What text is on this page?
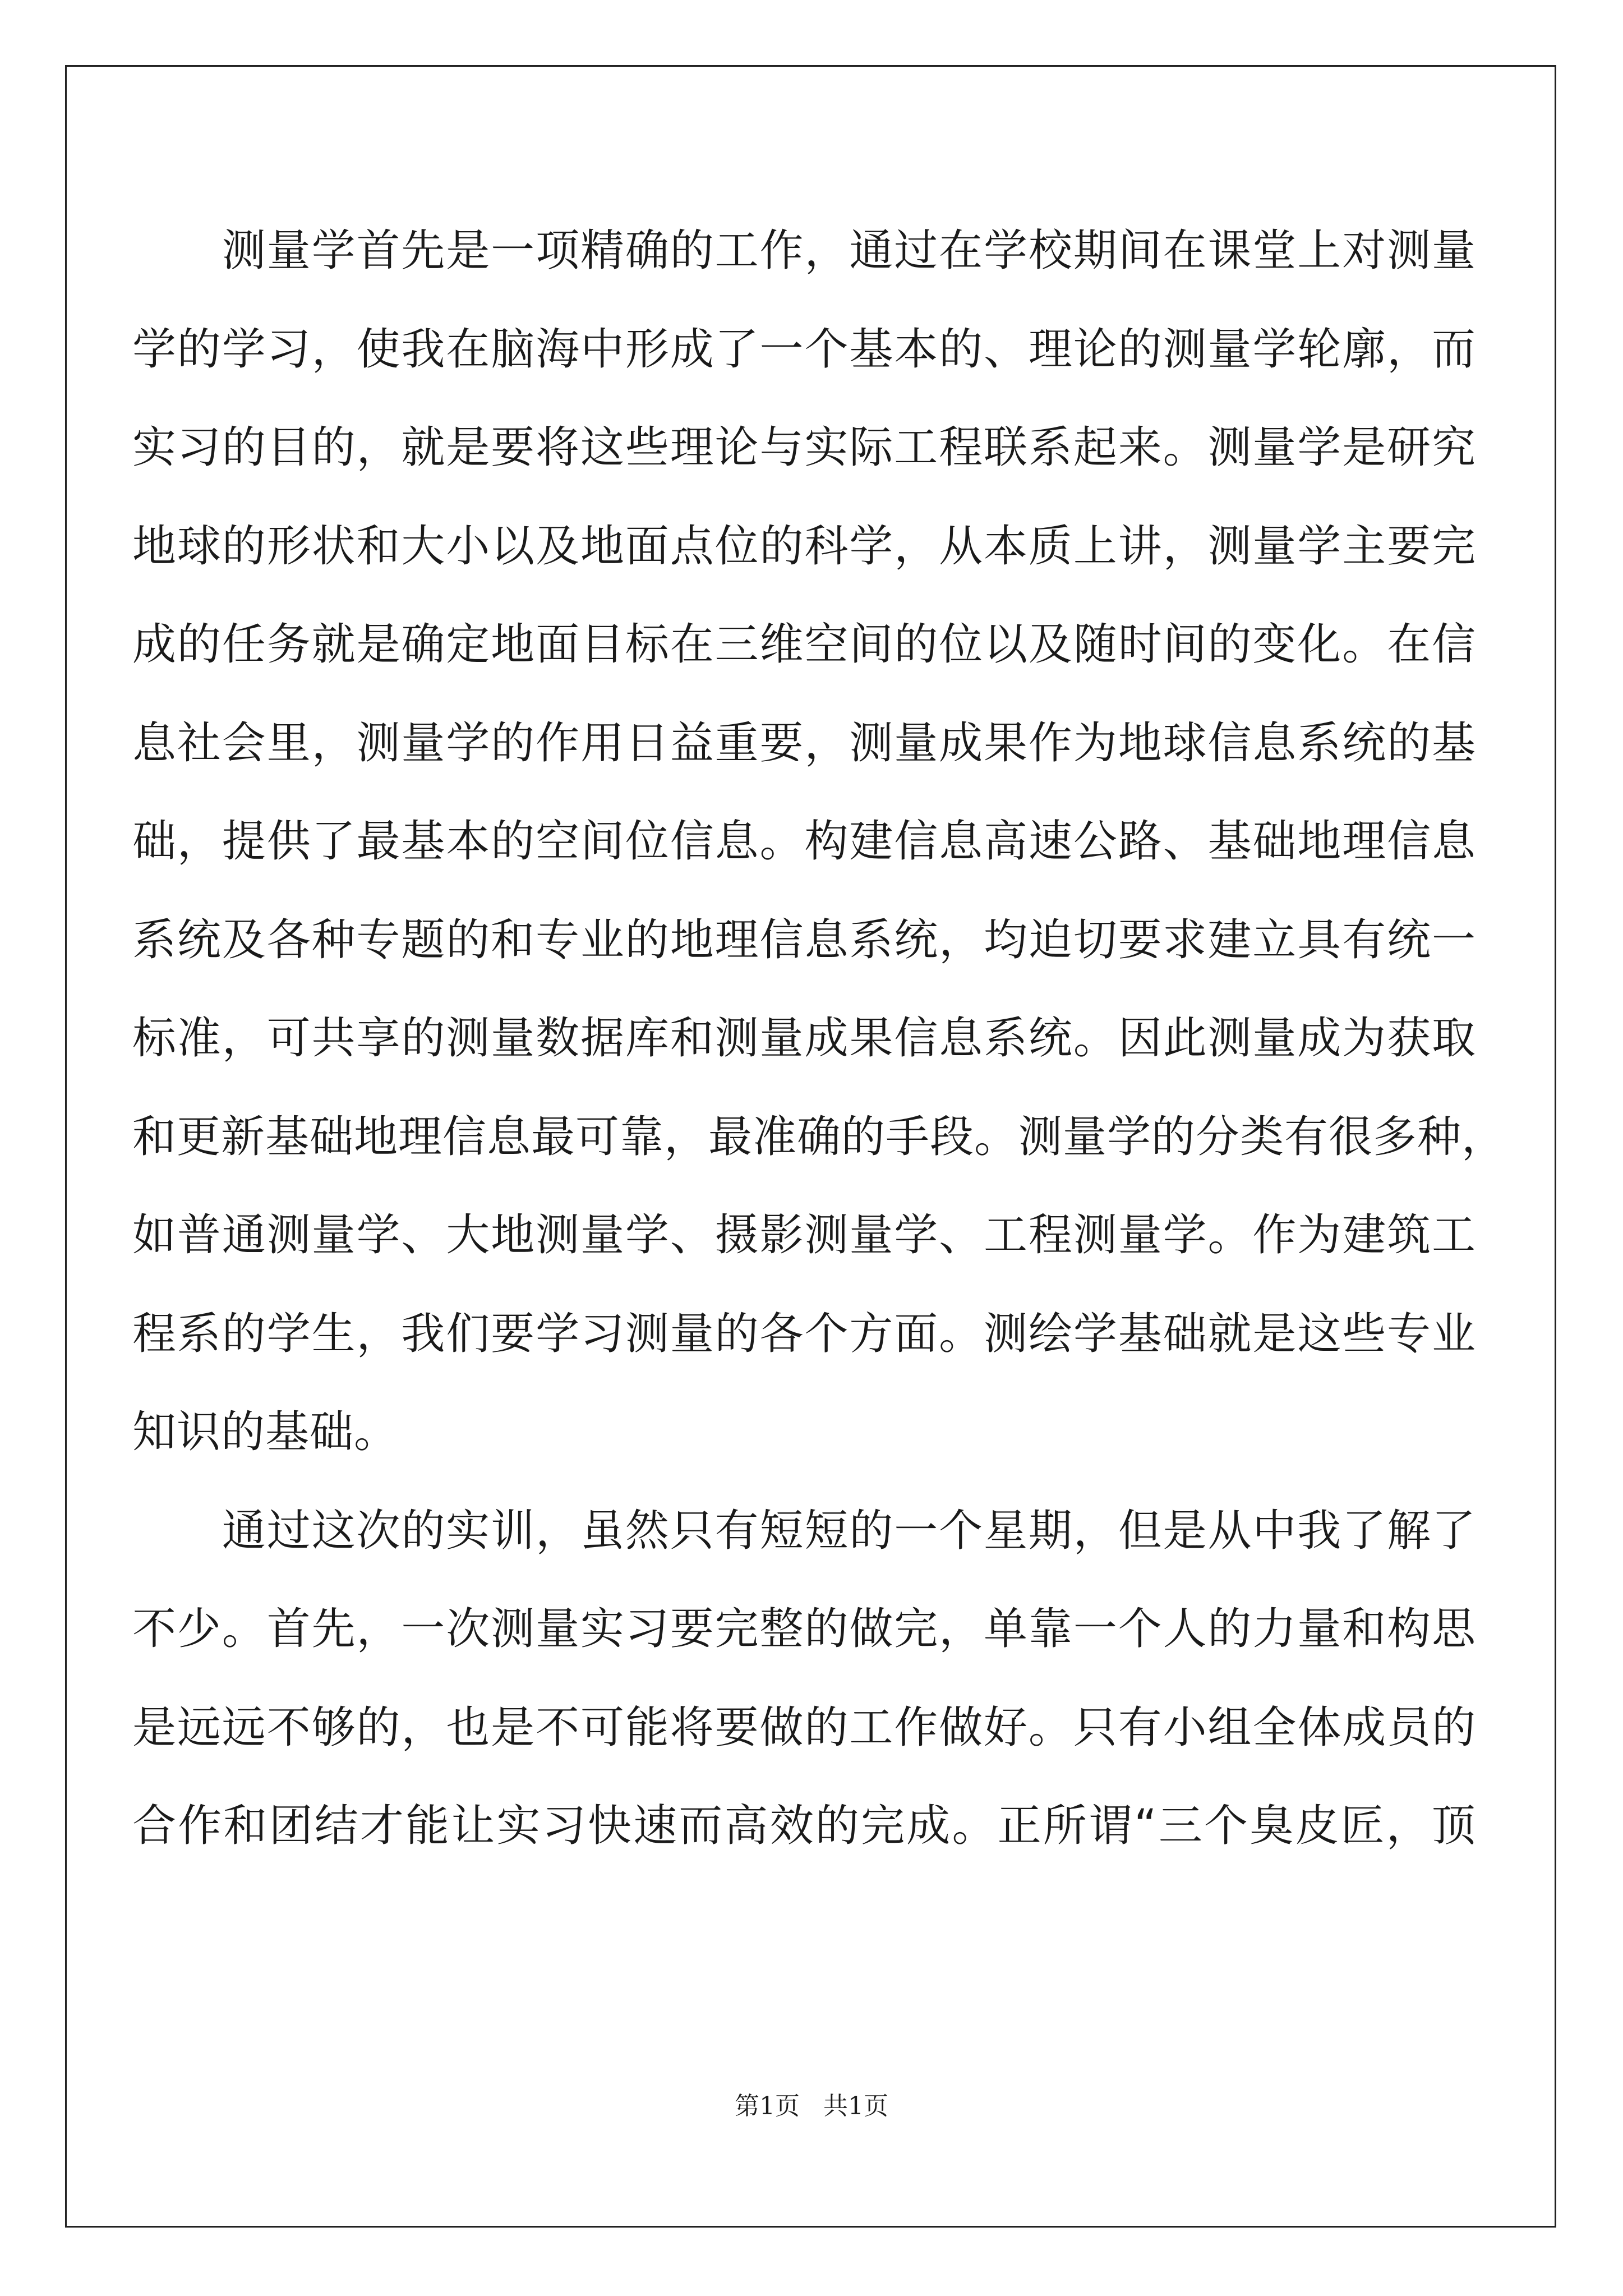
　　测量学首先是一项精确的工作，通过在学校期间在课堂上对测量
学的学习，使我在脑海中形成了一个基本的、理论的测量学轮廓，而
实习的目的，就是要将这些理论与实际工程联系起来。测量学是研究
地球的形状和大小以及地面点位的科学，从本质上讲，测量学主要完
成的任务就是确定地面目标在三维空间的位以及随时间的变化。在信
息社会里，测量学的作用日益重要，测量成果作为地球信息系统的基
础，提供了最基本的空间位信息。构建信息高速公路、基础地理信息
系统及各种专题的和专业的地理信息系统，均迫切要求建立具有统一
标准，可共享的测量数据库和测量成果信息系统。因此测量成为获取
和更新基础地理信息最可靠，最准确的手段。测量学的分类有很多种，
如普通测量学、大地测量学、摄影测量学、工程测量学。作为建筑工
程系的学生，我们要学习测量的各个方面。测绘学基础就是这些专业
知识的基础。

　　通过这次的实训，虽然只有短短的一个星期，但是从中我了解了
不少。首先，一次测量实习要完整的做完，单靠一个人的力量和构思
是远远不够的，也是不可能将要做的工作做好。只有小组全体成员的
合作和团结才能让实习快速而高效的完成。正所谓“三个臭皮匠，顶

第1页 共1页
